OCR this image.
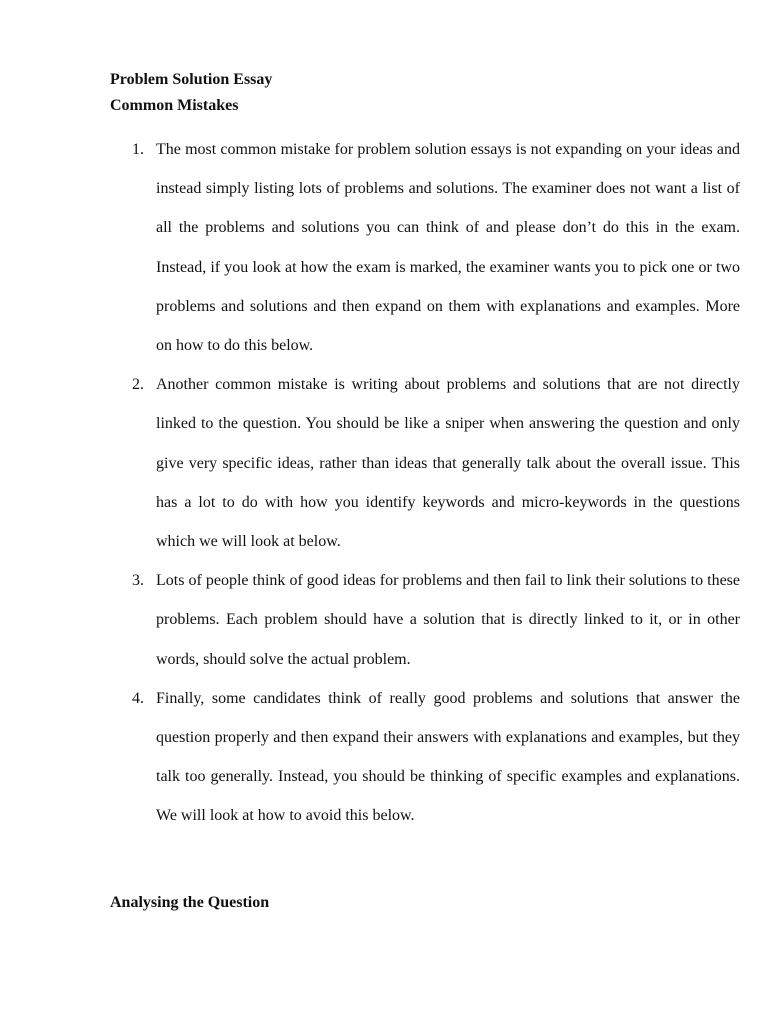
Problem Solution Essay
Common Mistakes
1. The most common mistake for problem solution essays is not expanding on your ideas and instead simply listing lots of problems and solutions. The examiner does not want a list of all the problems and solutions you can think of and please don’t do this in the exam. Instead, if you look at how the exam is marked, the examiner wants you to pick one or two problems and solutions and then expand on them with explanations and examples. More on how to do this below.
2. Another common mistake is writing about problems and solutions that are not directly linked to the question. You should be like a sniper when answering the question and only give very specific ideas, rather than ideas that generally talk about the overall issue. This has a lot to do with how you identify keywords and micro-keywords in the questions which we will look at below.
3. Lots of people think of good ideas for problems and then fail to link their solutions to these problems. Each problem should have a solution that is directly linked to it, or in other words, should solve the actual problem.
4. Finally, some candidates think of really good problems and solutions that answer the question properly and then expand their answers with explanations and examples, but they talk too generally. Instead, you should be thinking of specific examples and explanations. We will look at how to avoid this below.
Analysing the Question
